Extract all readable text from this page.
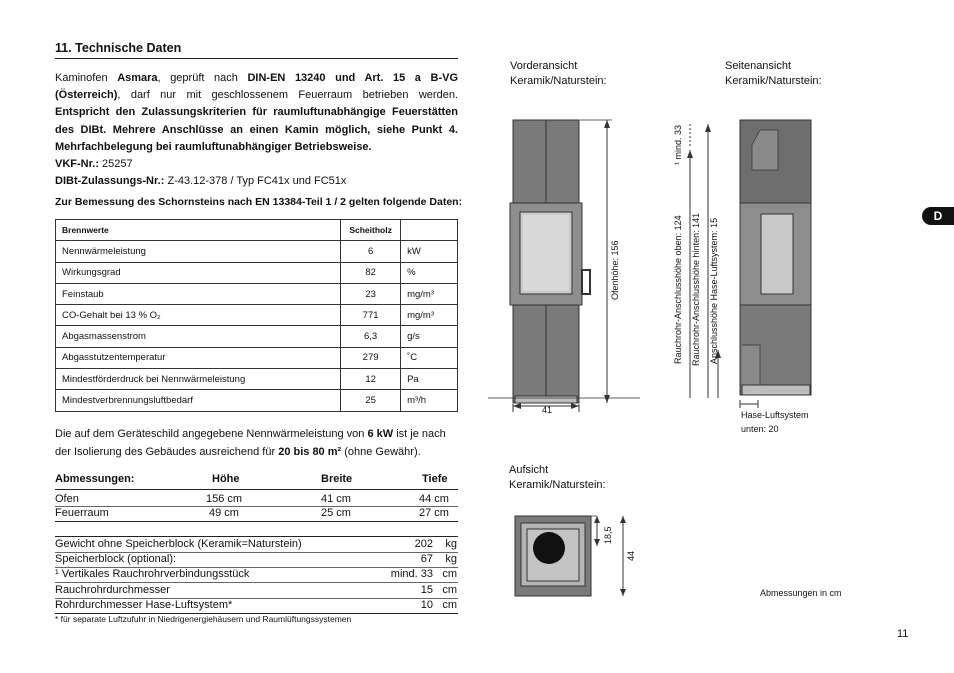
11. Technische Daten

Kaminofen Asmara, geprüft nach DIN-EN 13240 und Art. 15 a B-VG (Österreich), darf nur mit geschlossenem Feuerraum betrieben werden. Entspricht den Zulassungskriterien für raumluftunabhängige Feuerstätten des DIBt. Mehrere Anschlüsse an einen Kamin möglich, siehe Punkt 4. Mehrfachbelegung bei raumluftunabhängiger Betriebsweise.

VKF-Nr.: 25257

DIBt-Zulassungs-Nr.: Z-43.12-378 / Typ FC41x und FC51x

Zur Bemessung des Schornsteins nach EN 13384-Teil 1 / 2 gelten folgende Daten:
Brennwerte	Scheitholz	
Nennwärmeleistung	6	kW
Wirkungsgrad	82	%
Feinstaub	23	mg/m³
CO-Gehalt bei 13 % O₂	771	mg/m³
Abgasmassenstrom	6,3	g/s
Abgasstutzentemperatur	279	˚C
Mindestförderdruck bei Nennwärmeleistung	12	Pa
Mindestverbrennungsluftbedarf	25	m³/h
Die auf dem Geräteschild angegebene Nennwärmeleistung von 6 kW ist je nach der Isolierung des Gebäudes ausreichend für 20 bis 80 m² (ohne Gewähr).
Abmessungen:	Höhe	Breite	Tiefe
Ofen	156 cm	41 cm	44 cm
Feuerraum	49 cm	25 cm	27 cm
Gewicht ohne Speicherblock (Keramik=Naturstein)	202 kg
Speicherblock (optional):	67 kg
¹ Vertikales Rauchrohrverbindungsstück	mind. 33 cm
Rauchrohrdurchmesser	15 cm
Rohrdurchmesser Hase-Luftsystem*	10 cm
* für separate Luftzufuhr in Niedrigenergiehäusern und Raumlüftungssystemen
Vorderansicht
Keramik/Naturstein:
Seitenansicht
Keramik/Naturstein:
Aufsicht
Keramik/Naturstein:
Ofenhöhe: 156
41
¹ mind. 33
Rauchrohr-Anschlusshöhe oben: 124 Rauchrohr-Anschlusshöhe hinten: 141 Anschlusshöhe Hase-Luftsystem: 15
Hase-Luftsystem
unten: 20
18,5
44
Abmessungen in cm
D
11
